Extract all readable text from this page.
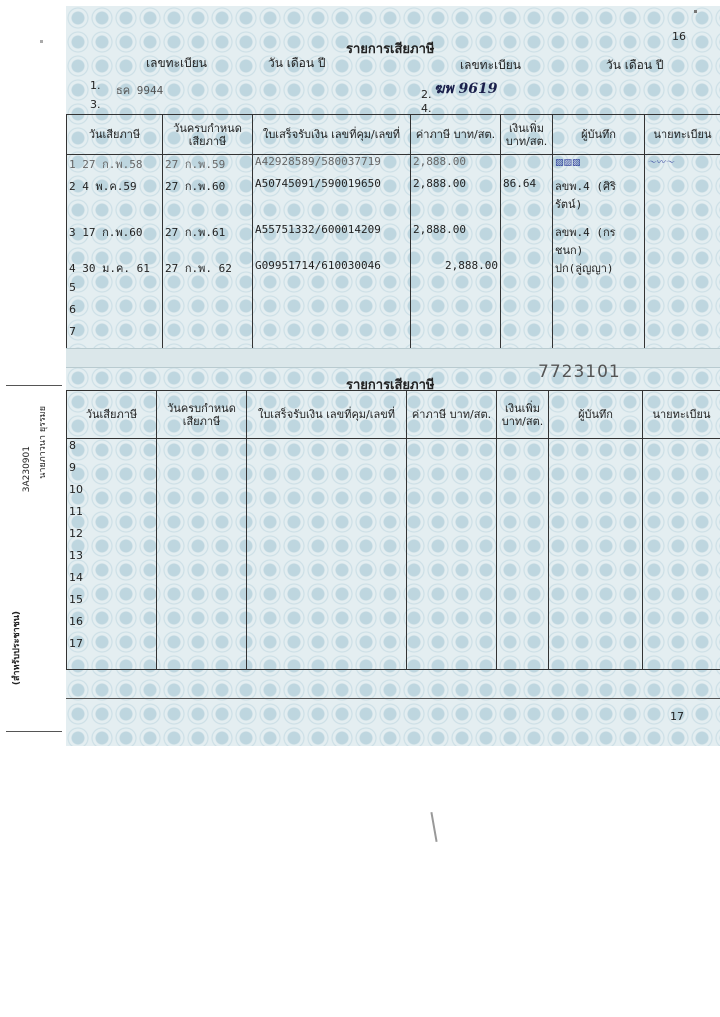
16
รายการเสียภาษี
เลขทะเบียน	วัน เดือน ปี	เลขทะเบียน	วัน เดือน ปี
1. ธค 9944	2. ฆพ 9619
3.	4.
วันเสียภาษี	วันครบกำหนด เสียภาษี	ใบเสร็จรับเงิน เลขที่คุม/เลขที่	ค่าภาษี บาท/สต.	เงินเพิ่ม บาท/สต.	ผู้บันทึก	นายทะเบียน
1 27 ก.พ.58	27 ก.พ.59	A42928589/580037719	2,888.00		▨▨▨	〜〰〜
2 4 พ.ค.59	27 ก.พ.60	A50745091/590019650	2,888.00	86.64	ลขพ.4 (ศิริรัตน์)	
3 17 ก.พ.60	27 ก.พ.61	A55751332/600014209	2,888.00		ลขพ.4 (กรชนก)	
4 30 ม.ค. 61	27 ก.พ. 62	G09951714/610030046	2,888.00		ปก(ลู่ญญา)	
5						
6						
7						
รายการเสียภาษี
7723101
วันเสียภาษี	วันครบกำหนด เสียภาษี	ใบเสร็จรับเงิน เลขที่คุม/เลขที่	ค่าภาษี บาท/สต.	เงินเพิ่ม บาท/สต.	ผู้บันทึก	นายทะเบียน
8						
9						
10						
11						
12						
13						
14						
15						
16						
17						
17
นายภาวนา ยุรรมย
3A230901
(สำหรับประชาชน)
